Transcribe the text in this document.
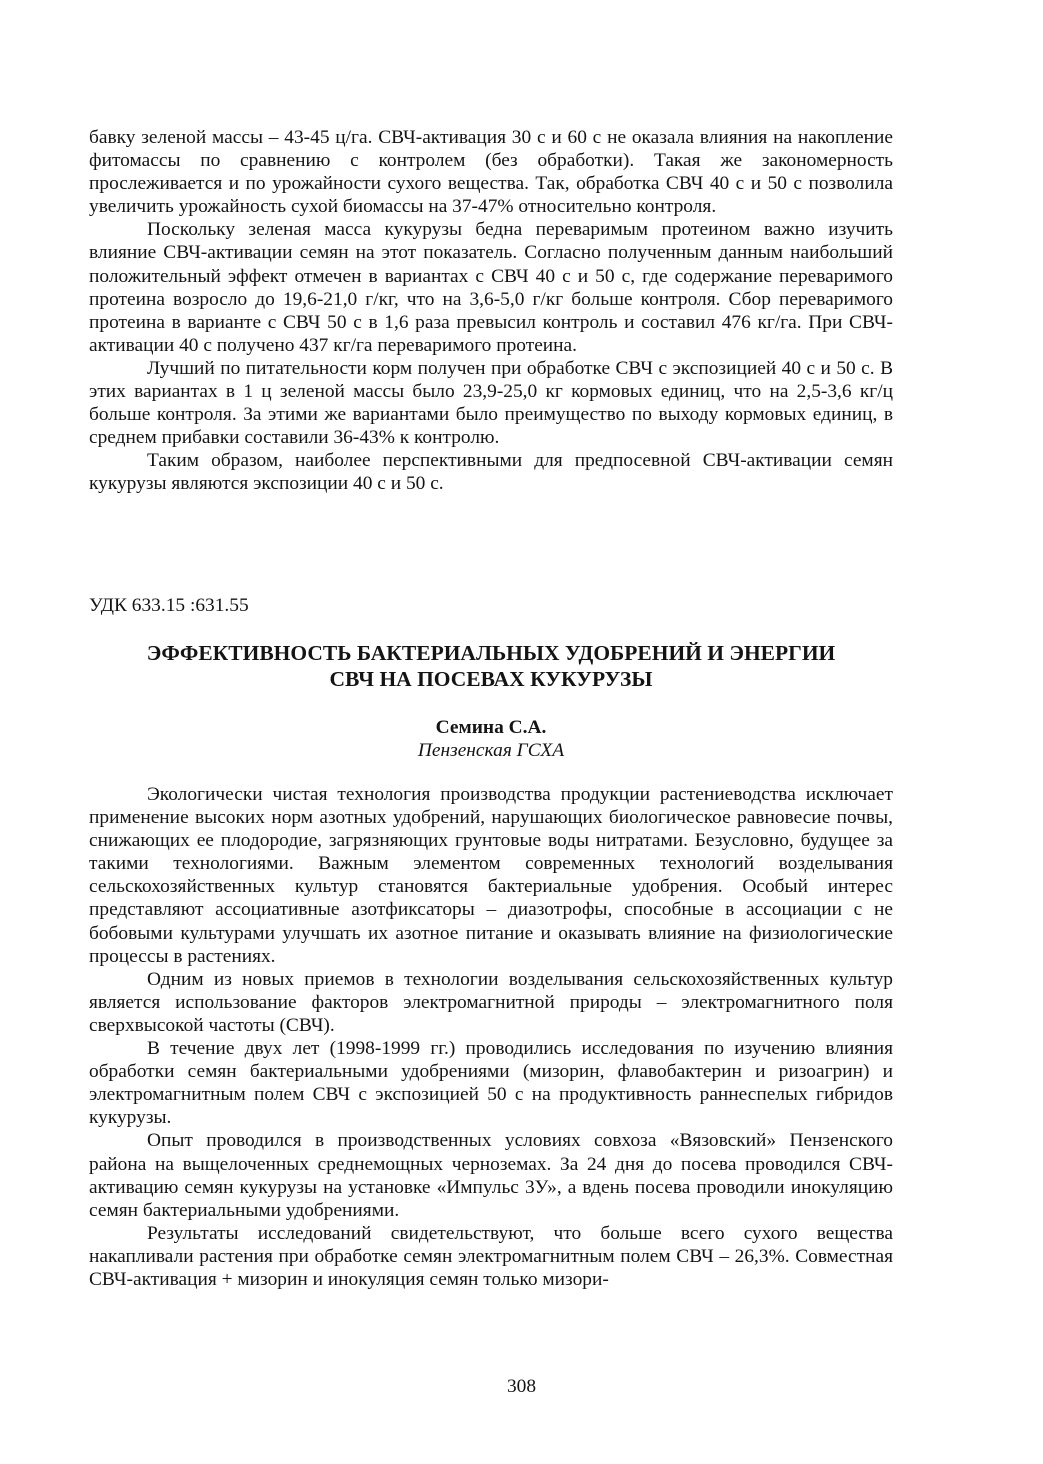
бавку зеленой массы – 43-45 ц/га. СВЧ-активация 30 с и 60 с не оказала влияния на накопление фитомассы по сравнению с контролем (без обработки). Такая же закономерность прослеживается и по урожайности сухого вещества. Так, обработка СВЧ 40 с и 50 с позволила увеличить урожайность сухой биомассы на 37-47% относительно контроля.

Поскольку зеленая масса кукурузы бедна переваримым протеином важно изучить влияние СВЧ-активации семян на этот показатель. Согласно полученным данным наибольший положительный эффект отмечен в вариантах с СВЧ 40 с и 50 с, где содержание переваримого протеина возросло до 19,6-21,0 г/кг, что на 3,6-5,0 г/кг больше контроля. Сбор переваримого протеина в варианте с СВЧ 50 с в 1,6 раза превысил контроль и составил 476 кг/га. При СВЧ-активации 40 с получено 437 кг/га переваримого протеина.

Лучший по питательности корм получен при обработке СВЧ с экспозицией 40 с и 50 с. В этих вариантах в 1 ц зеленой массы было 23,9-25,0 кг кормовых единиц, что на 2,5-3,6 кг/ц больше контроля. За этими же вариантами было преимущество по выходу кормовых единиц, в среднем прибавки составили 36-43% к контролю.

Таким образом, наиболее перспективными для предпосевной СВЧ-активации семян кукурузы являются экспозиции 40 с и 50 с.

УДК 633.15 :631.55

ЭФФЕКТИВНОСТЬ БАКТЕРИАЛЬНЫХ УДОБРЕНИЙ И ЭНЕРГИИ
СВЧ НА ПОСЕВАХ КУКУРУЗЫ

Семина С.А.

Пензенская ГСХА

Экологически чистая технология производства продукции растениеводства исключает применение высоких норм азотных удобрений, нарушающих биологическое равновесие почвы, снижающих ее плодородие, загрязняющих грунтовые воды нитратами. Безусловно, будущее за такими технологиями. Важным элементом современных технологий возделывания сельскохозяйственных культур становятся бактериальные удобрения. Особый интерес представляют ассоциативные азотфиксаторы – диазотрофы, способные в ассоциации с не бобовыми культурами улучшать их азотное питание и оказывать влияние на физиологические процессы в растениях.

Одним из новых приемов в технологии возделывания сельскохозяйственных культур является использование факторов электромагнитной природы – электромагнитного поля сверхвысокой частоты (СВЧ).

В течение двух лет (1998-1999 гг.) проводились исследования по изучению влияния обработки семян бактериальными удобрениями (мизорин, флавобактерин и ризоагрин) и электромагнитным полем СВЧ с экспозицией 50 с на продуктивность раннеспелых гибридов кукурузы.

Опыт проводился в производственных условиях совхоза «Вязовский» Пензенского района на выщелоченных среднемощных черноземах. За 24 дня до посева проводился СВЧ-активацию семян кукурузы на установке «Импульс 3У», а вдень посева проводили инокуляцию семян бактериальными удобрениями.

Результаты исследований свидетельствуют, что больше всего сухого вещества накапливали растения при обработке семян электромагнитным полем СВЧ – 26,3%. Совместная СВЧ-активация + мизорин и инокуляция семян только мизори-

308
